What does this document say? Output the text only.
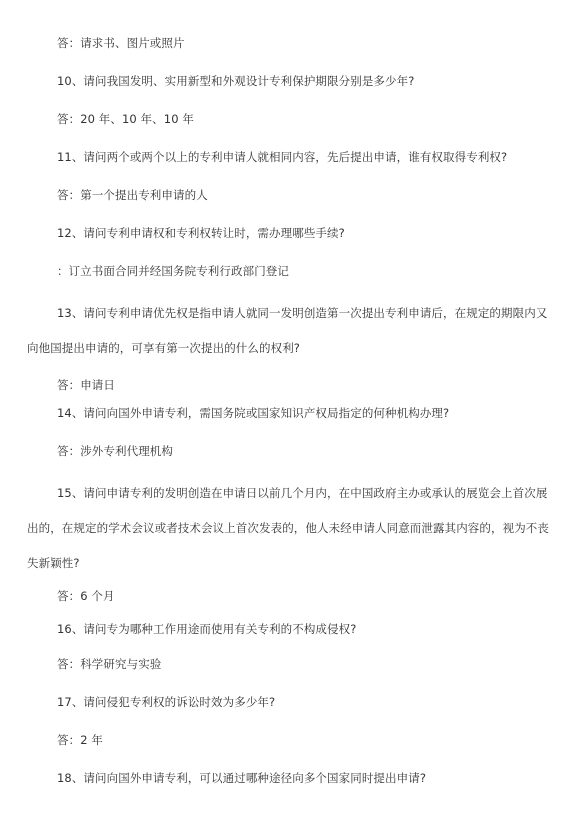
答：请求书、图片或照片

10、请问我国发明、实用新型和外观设计专利保护期限分别是多少年?

答：20 年、10 年、10 年

11、请问两个或两个以上的专利申请人就相同内容，先后提出申请，谁有权取得专利权?

答：第一个提出专利申请的人

12、请问专利申请权和专利权转让时，需办理哪些手续?

：订立书面合同并经国务院专利行政部门登记

13、请问专利申请优先权是指申请人就同一发明创造第一次提出专利申请后，在规定的期限内又向他国提出申请的，可享有第一次提出的什么的权利?

答：申请日

14、请问向国外申请专利，需国务院或国家知识产权局指定的何种机构办理?

答：涉外专利代理机构

15、请问申请专利的发明创造在申请日以前几个月内，在中国政府主办或承认的展览会上首次展出的，在规定的学术会议或者技术会议上首次发表的，他人未经申请人同意而泄露其内容的，视为不丧失新颖性?

答：6 个月

16、请问专为哪种工作用途而使用有关专利的不构成侵权?

答：科学研究与实验

17、请问侵犯专利权的诉讼时效为多少年?

答：2 年

18、请问向国外申请专利，可以通过哪种途径向多个国家同时提出申请?
